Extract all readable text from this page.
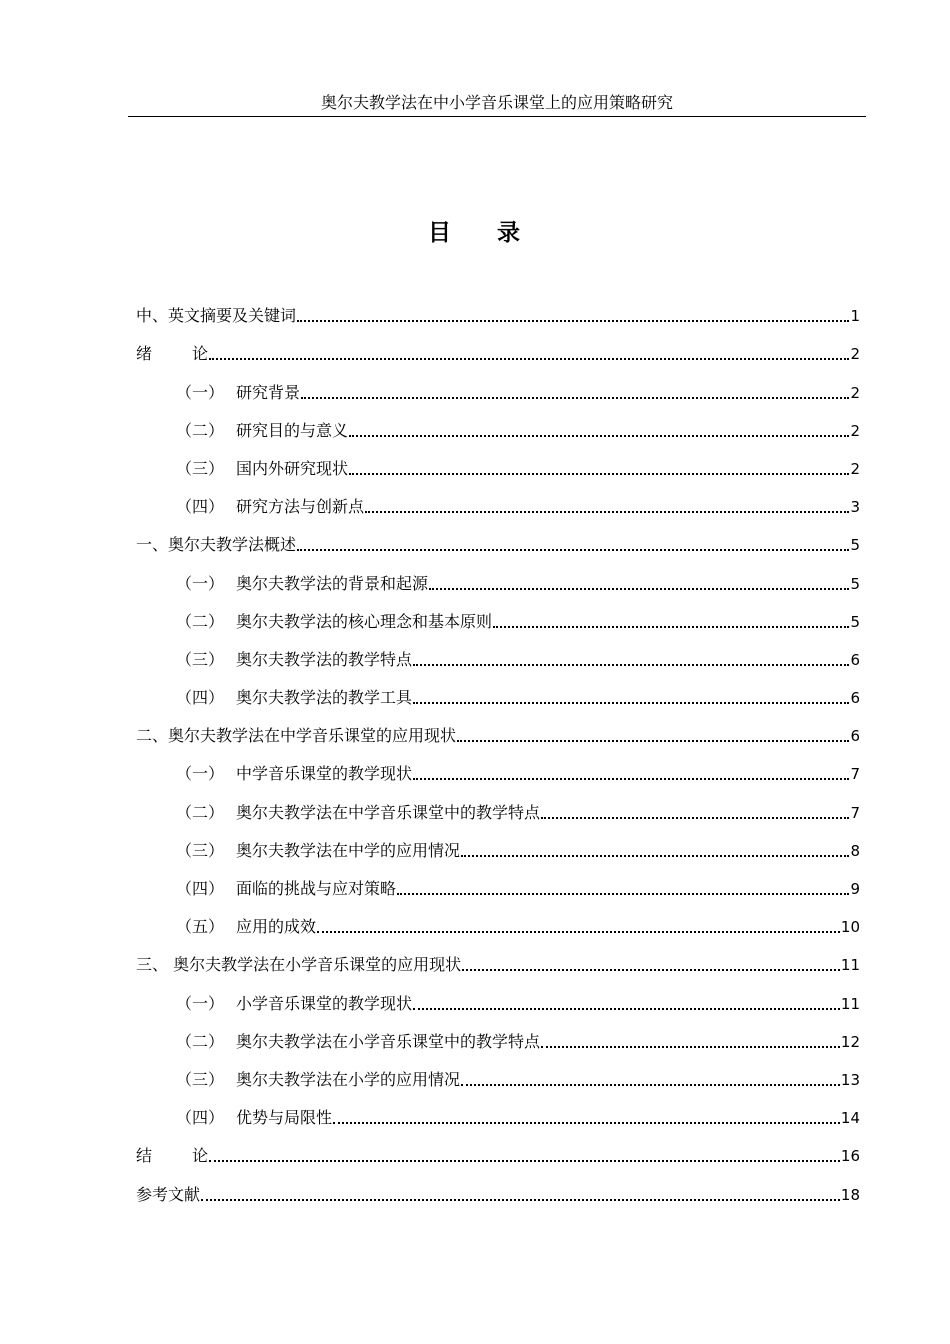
奥尔夫教学法在中小学音乐课堂上的应用策略研究
目 录
中、英文摘要及关键词	1
绪	论	2
（一） 研究背景	2
（二） 研究目的与意义	2
（三） 国内外研究现状	2
（四） 研究方法与创新点	3
一、奥尔夫教学法概述	5
（一） 奥尔夫教学法的背景和起源	5
（二） 奥尔夫教学法的核心理念和基本原则	5
（三） 奥尔夫教学法的教学特点	6
（四） 奥尔夫教学法的教学工具	6
二、奥尔夫教学法在中学音乐课堂的应用现状	6
（一） 中学音乐课堂的教学现状	7
（二） 奥尔夫教学法在中学音乐课堂中的教学特点	7
（三） 奥尔夫教学法在中学的应用情况	8
（四） 面临的挑战与应对策略	9
（五） 应用的成效	10
三、 奥尔夫教学法在小学音乐课堂的应用现状	11
（一） 小学音乐课堂的教学现状	11
（二） 奥尔夫教学法在小学音乐课堂中的教学特点	12
（三） 奥尔夫教学法在小学的应用情况	13
（四） 优势与局限性	14
结	论	16
参考文献	18
